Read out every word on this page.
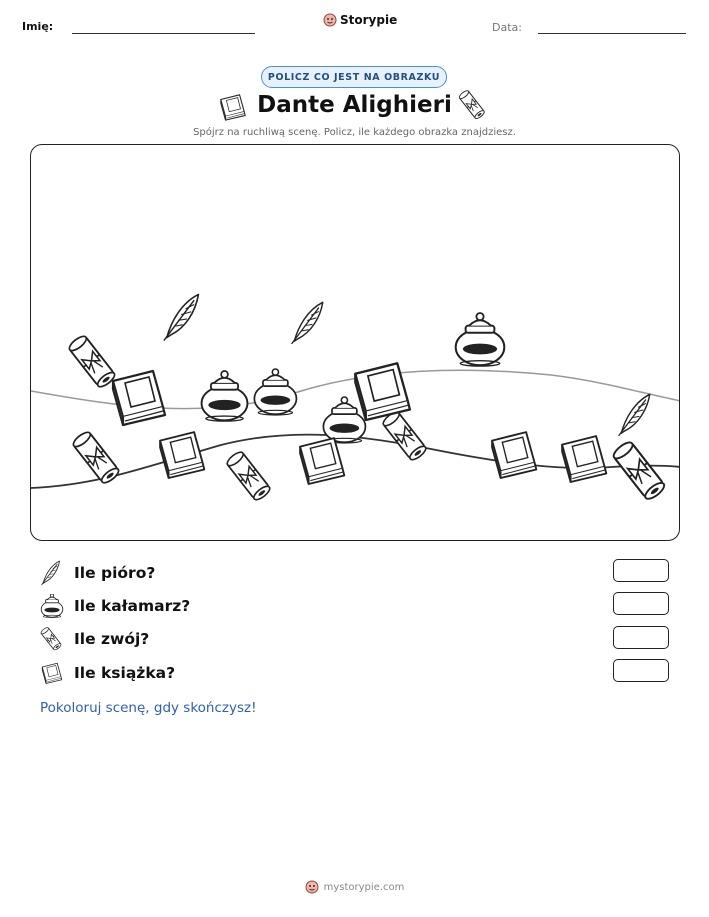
Imię:	Storypie
Data:
POLICZ CO JEST NA OBRAZKU
Dante Alighieri
Spójrz na ruchliwą scenę. Policz, ile każdego obrazka znajdziesz.
Ile pióro?
Ile kałamarz?
Ile zwój?
Ile książka?
Pokoloruj scenę, gdy skończysz!
mystorypie.com
